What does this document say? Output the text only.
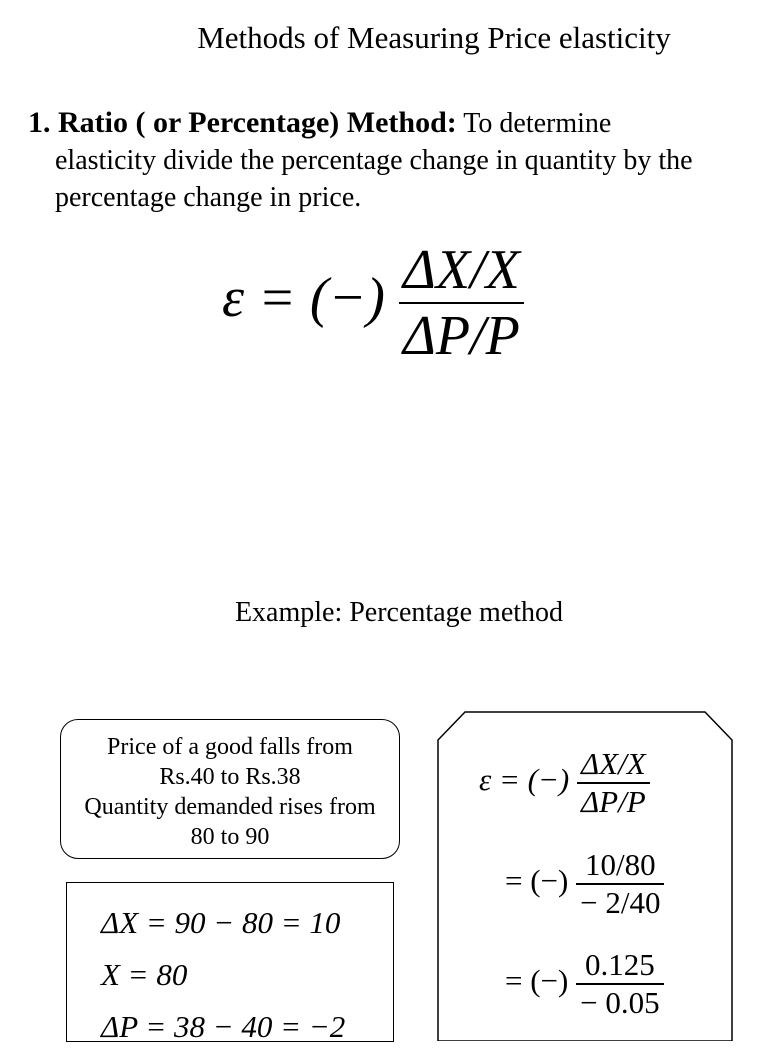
Methods of Measuring Price elasticity
1. Ratio ( or Percentage) Method: To determine
elasticity divide the percentage change in quantity by the percentage change in price.
ε = (−) $\frac{\Delta X/X}{\Delta P/P}$
Example: Percentage method
Price of a good falls from
Rs.40 to Rs.38
Quantity demanded rises from
80 to 90
ΔX = 90 − 80 = 10
X = 80
ΔP = 38 − 40 = −2
ε = (−) $\frac{\Delta X/X}{\Delta P/P}$
= (−) $\frac{10/80}{- 2/40}$
= (−) $\frac{0.125}{- 0.05}$
